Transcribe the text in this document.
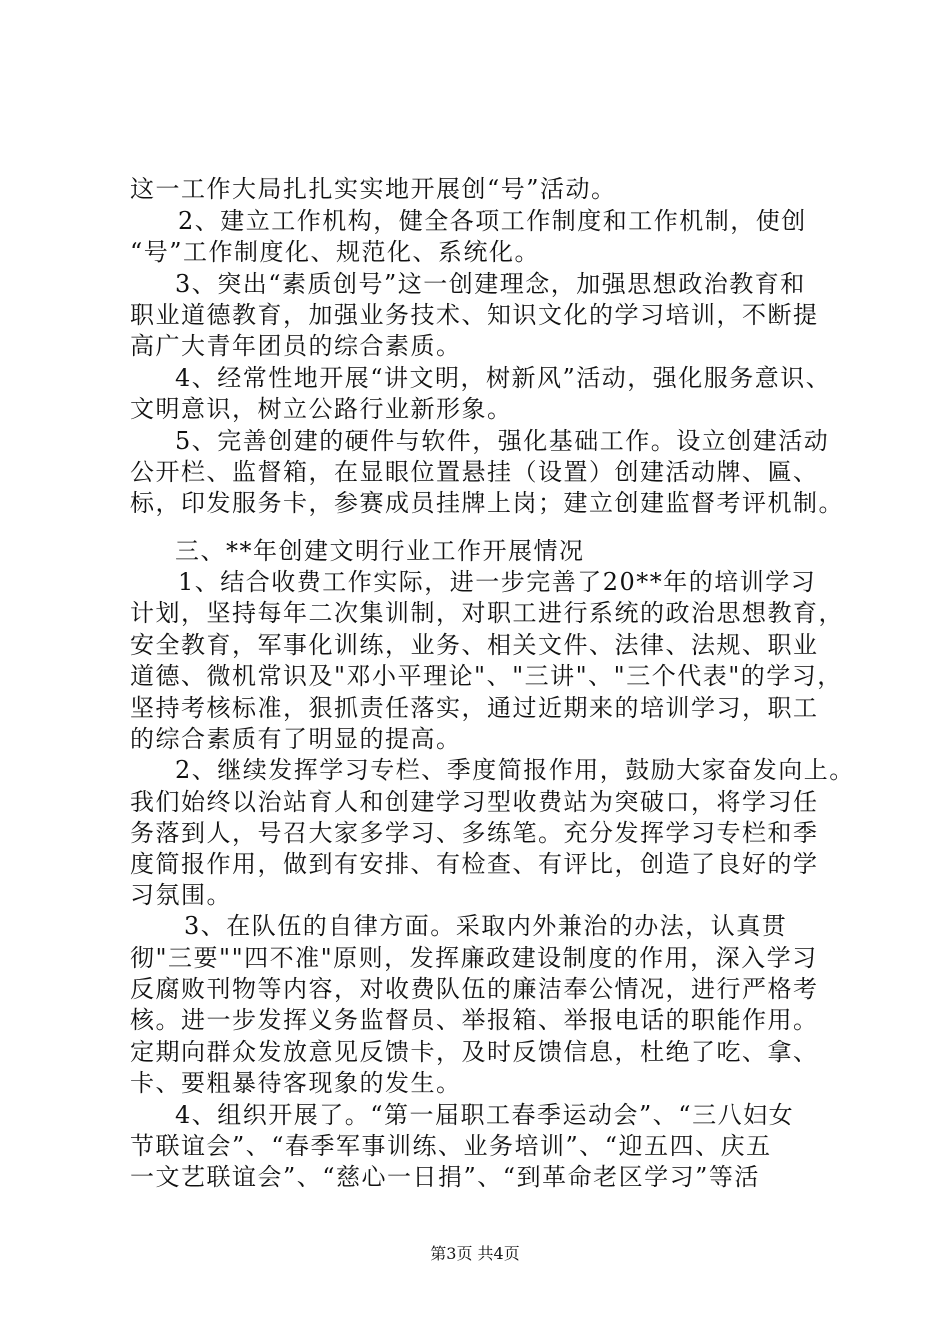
这一工作大局扎扎实实地开展创“号”活动。
2、建立工作机构，健全各项工作制度和工作机制，使创
“号”工作制度化、规范化、系统化。
3、突出“素质创号”这一创建理念，加强思想政治教育和
职业道德教育，加强业务技术、知识文化的学习培训，不断提
高广大青年团员的综合素质。
4、经常性地开展“讲文明，树新风”活动，强化服务意识、
文明意识，树立公路行业新形象。
5、完善创建的硬件与软件，强化基础工作。设立创建活动
公开栏、监督箱，在显眼位置悬挂（设置）创建活动牌、匾、
标，印发服务卡，参赛成员挂牌上岗；建立创建监督考评机制。
三、**年创建文明行业工作开展情况
1、结合收费工作实际，进一步完善了20**年的培训学习
计划，坚持每年二次集训制，对职工进行系统的政治思想教育，
安全教育，军事化训练，业务、相关文件、法律、法规、职业
道德、微机常识及"邓小平理论"、"三讲"、"三个代表"的学习，
坚持考核标准，狠抓责任落实，通过近期来的培训学习，职工
的综合素质有了明显的提高。
2、继续发挥学习专栏、季度简报作用，鼓励大家奋发向上。
我们始终以治站育人和创建学习型收费站为突破口，将学习任
务落到人，号召大家多学习、多练笔。充分发挥学习专栏和季
度简报作用，做到有安排、有检查、有评比，创造了良好的学
习氛围。
3、在队伍的自律方面。采取内外兼治的办法，认真贯
彻"三要""四不准"原则，发挥廉政建设制度的作用，深入学习
反腐败刊物等内容，对收费队伍的廉洁奉公情况，进行严格考
核。进一步发挥义务监督员、举报箱、举报电话的职能作用。
定期向群众发放意见反馈卡，及时反馈信息，杜绝了吃、拿、
卡、要粗暴待客现象的发生。
4、组织开展了。“第一届职工春季运动会”、“三八妇女
节联谊会”、“春季军事训练、业务培训”、“迎五四、庆五
一文艺联谊会”、“慈心一日捐”、“到革命老区学习”等活
第3页 共4页
